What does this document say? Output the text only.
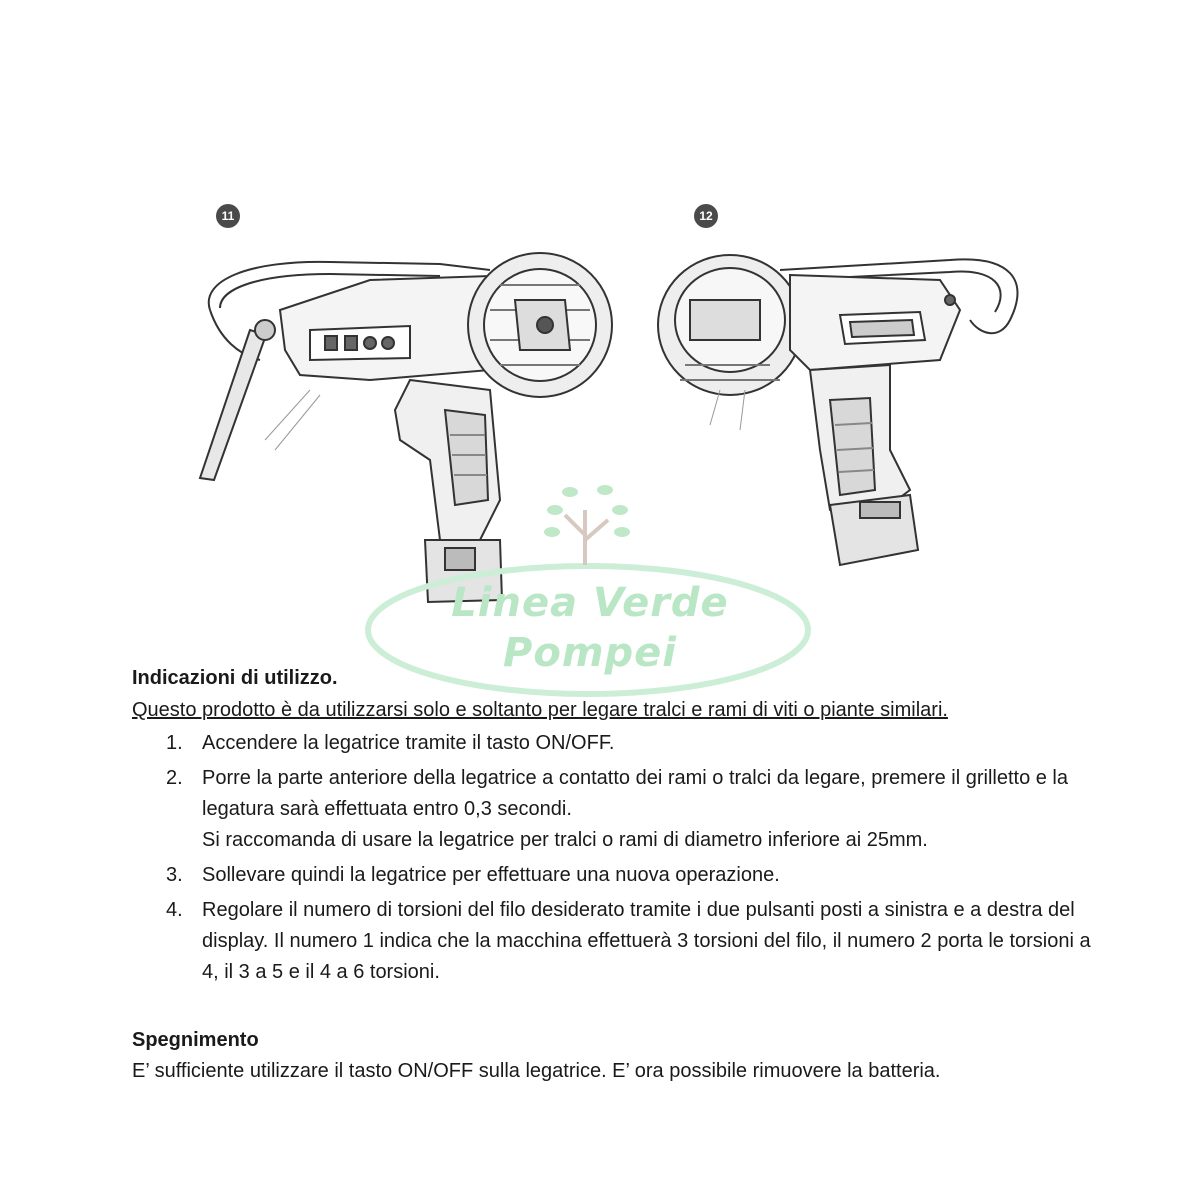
11	12
Linea Verde
Pompei
Indicazioni di utilizzo.
Questo prodotto è da utilizzarsi solo e soltanto per legare tralci e rami di viti o piante similari.
1. Accendere la legatrice tramite il tasto ON/OFF.
2. Porre la parte anteriore della legatrice a contatto dei rami o tralci da legare, premere il grilletto e la legatura sarà effettuata entro 0,3 secondi.
Si raccomanda di usare la legatrice per tralci o rami di diametro inferiore ai 25mm.
3. Sollevare quindi la legatrice per effettuare una nuova operazione.
4. Regolare il numero di torsioni del filo desiderato tramite i due pulsanti posti a sinistra e a destra del display. Il numero 1 indica che la macchina effettuerà 3 torsioni del filo, il numero 2 porta le torsioni a 4, il 3 a 5 e il 4 a 6 torsioni.
Spegnimento

E’ sufficiente utilizzare il tasto ON/OFF sulla legatrice. E’ ora possibile rimuovere la batteria.
